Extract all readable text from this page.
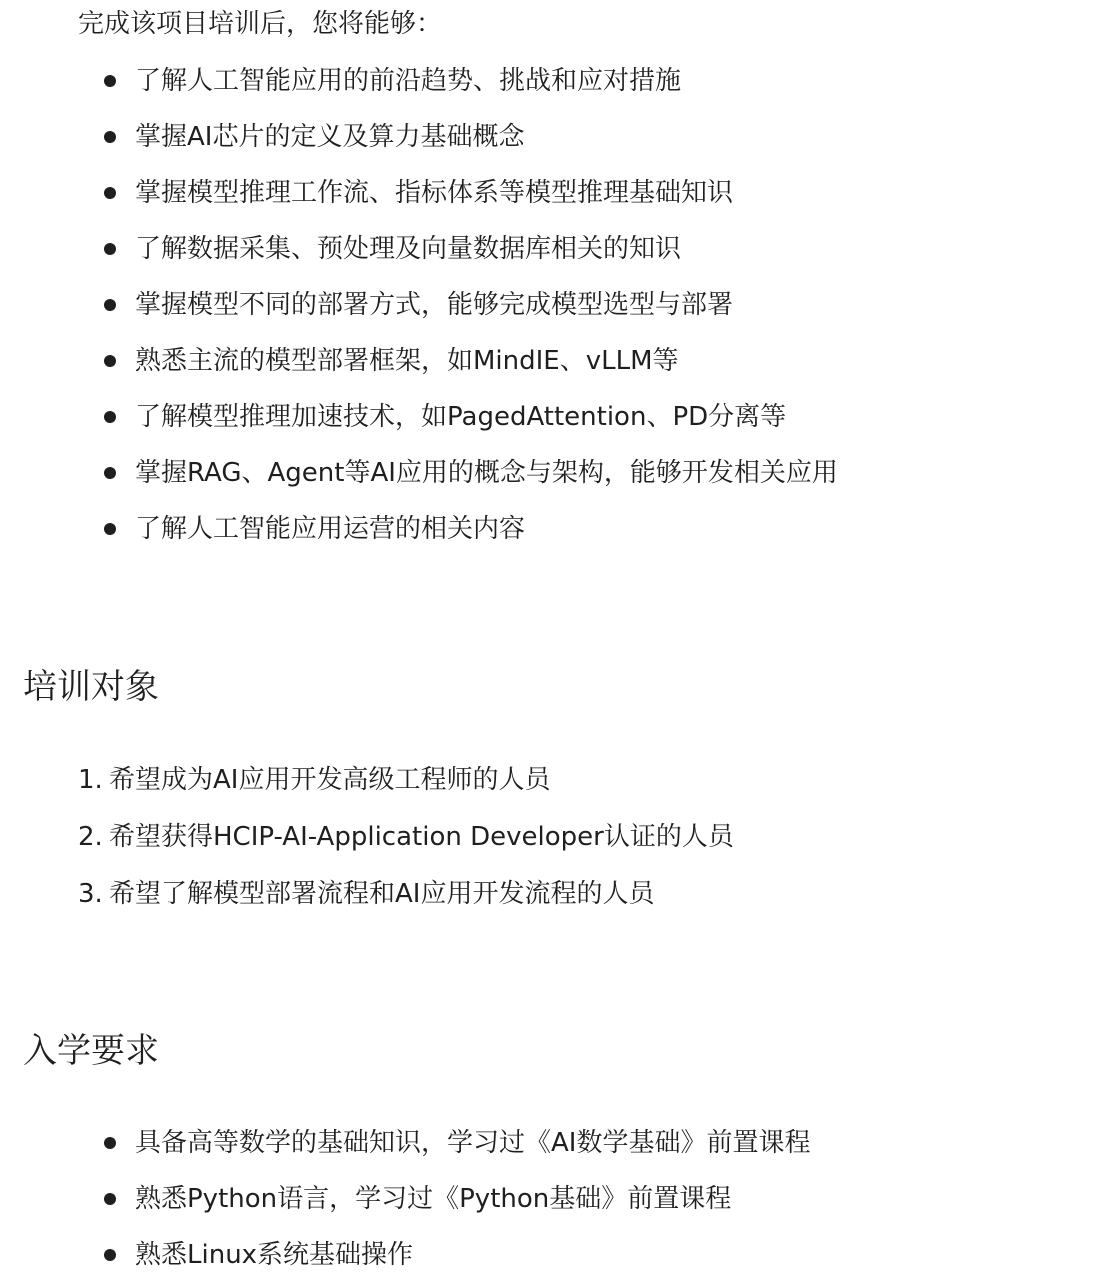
完成该项目培训后，您将能够：

了解人工智能应用的前沿趋势、挑战和应对措施
掌握AI芯片的定义及算力基础概念
掌握模型推理工作流、指标体系等模型推理基础知识
了解数据采集、预处理及向量数据库相关的知识
掌握模型不同的部署方式，能够完成模型选型与部署
熟悉主流的模型部署框架，如MindIE、vLLM等
了解模型推理加速技术，如PagedAttention、PD分离等
掌握RAG、Agent等AI应用的概念与架构，能够开发相关应用
了解人工智能应用运营的相关内容
培训对象
1. 希望成为AI应用开发高级工程师的人员
2. 希望获得HCIP-AI-Application Developer认证的人员
3. 希望了解模型部署流程和AI应用开发流程的人员
入学要求
具备高等数学的基础知识，学习过《AI数学基础》前置课程
熟悉Python语言，学习过《Python基础》前置课程
熟悉Linux系统基础操作
